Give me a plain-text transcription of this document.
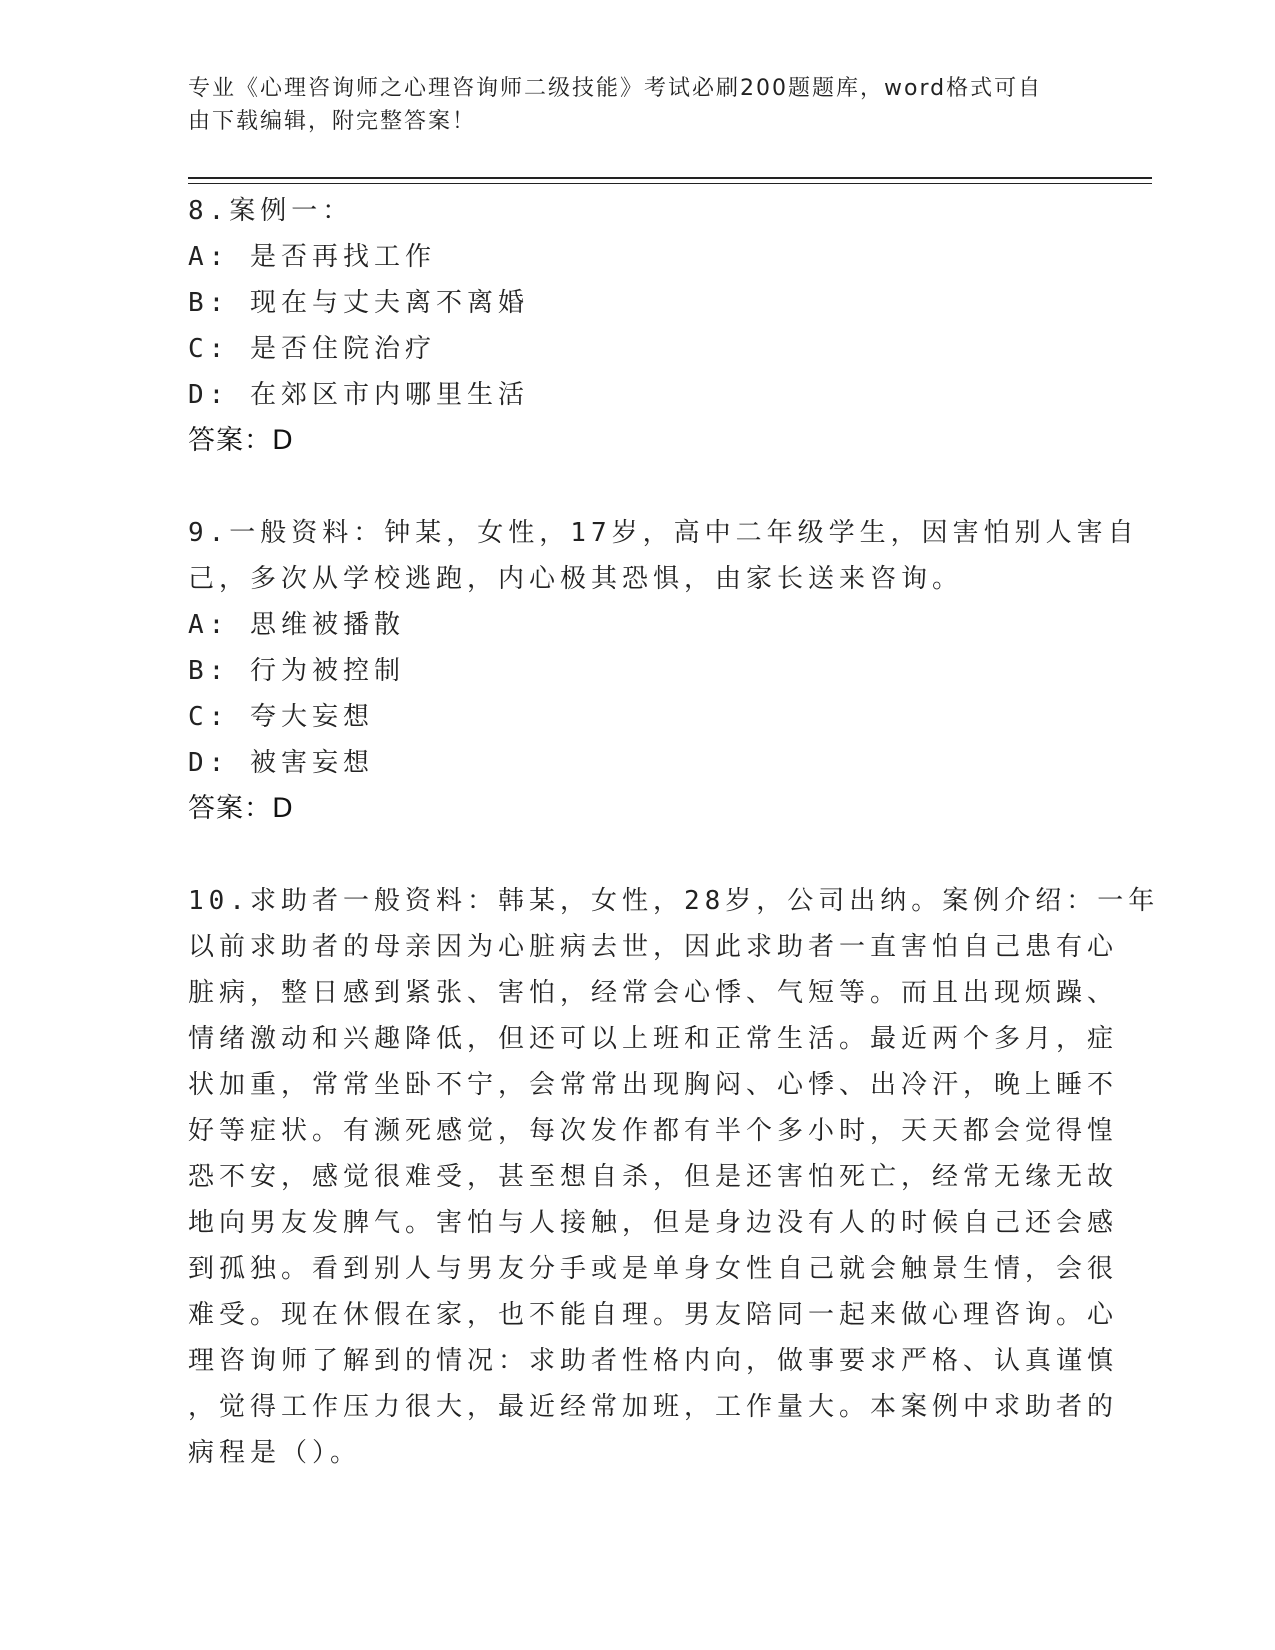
专业《心理咨询师之心理咨询师二级技能》考试必刷200题题库，word格式可自
由下载编辑，附完整答案！
8.案例一：
A: 是否再找工作
B: 现在与丈夫离不离婚
C: 是否住院治疗
D: 在郊区市内哪里生活
答案：D
9.一般资料：钟某，女性，17岁，高中二年级学生，因害怕别人害自
己，多次从学校逃跑，内心极其恐惧，由家长送来咨询。
A: 思维被播散
B: 行为被控制
C: 夸大妄想
D: 被害妄想
答案：D
10.求助者一般资料：韩某，女性，28岁，公司出纳。案例介绍：一年
以前求助者的母亲因为心脏病去世，因此求助者一直害怕自己患有心
脏病，整日感到紧张、害怕，经常会心悸、气短等。而且出现烦躁、
情绪激动和兴趣降低，但还可以上班和正常生活。最近两个多月，症
状加重，常常坐卧不宁，会常常出现胸闷、心悸、出冷汗，晚上睡不
好等症状。有濒死感觉，每次发作都有半个多小时，天天都会觉得惶
恐不安，感觉很难受，甚至想自杀，但是还害怕死亡，经常无缘无故
地向男友发脾气。害怕与人接触，但是身边没有人的时候自己还会感
到孤独。看到别人与男友分手或是单身女性自己就会触景生情，会很
难受。现在休假在家，也不能自理。男友陪同一起来做心理咨询。心
理咨询师了解到的情况：求助者性格内向，做事要求严格、认真谨慎
，觉得工作压力很大，最近经常加班，工作量大。本案例中求助者的
病程是（）。
